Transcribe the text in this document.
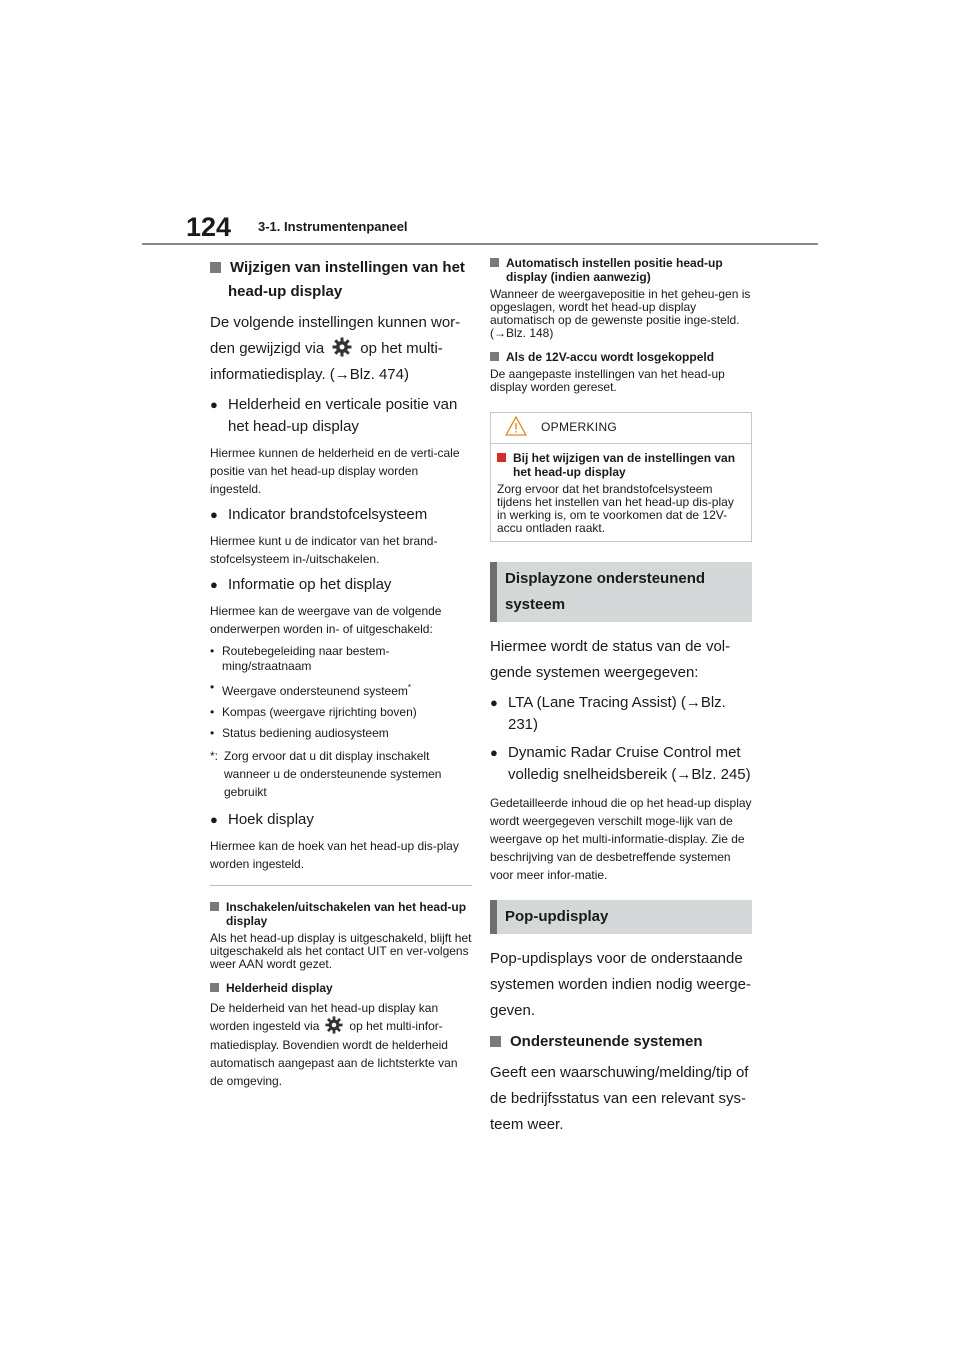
124 3-1. Instrumentenpaneel
Wijzigen van instellingen van het head-up display

De volgende instellingen kunnen wor-den gewijzigd via op het multi-informatiedisplay. (→Blz. 474)

● Helderheid en verticale positie van het head-up display

Hiermee kunnen de helderheid en de verti-cale positie van het head-up display worden ingesteld.

● Indicator brandstofcelsysteem

Hiermee kunt u de indicator van het brand-stofcelsysteem in-/uitschakelen.

● Informatie op het display

Hiermee kan de weergave van de volgende onderwerpen worden in- of uitgeschakeld:

• Routebegeleiding naar bestem-ming/straatnaam
• Weergave ondersteunend systeem*
• Kompas (weergave rijrichting boven)
• Status bediening audiosysteem
*: Zorg ervoor dat u dit display inschakelt wanneer u de ondersteunende systemen gebruikt
● Hoek display

Hiermee kan de hoek van het head-up dis-play worden ingesteld.

Inschakelen/uitschakelen van het head-up display

Als het head-up display is uitgeschakeld, blijft het uitgeschakeld als het contact UIT en ver-volgens weer AAN wordt gezet.

Helderheid display

De helderheid van het head-up display kan worden ingesteld via	op het multi-infor-matiedisplay. Bovendien wordt de helderheid automatisch aangepast aan de lichtsterkte van de omgeving.

Automatisch instellen positie head-up display (indien aanwezig)

Wanneer de weergavepositie in het geheu-gen is opgeslagen, wordt het head-up display automatisch op de gewenste positie inge-steld. (→Blz. 148)

Als de 12V-accu wordt losgekoppeld

De aangepaste instellingen van het head-up display worden gereset.

OPMERKING
Bij het wijzigen van de instellingen van het head-up display

Zorg ervoor dat het brandstofcelsysteem tijdens het instellen van het head-up dis-play in werking is, om te voorkomen dat de 12V-accu ontladen raakt.

Displayzone ondersteunend systeem

Hiermee wordt de status van de vol-gende systemen weergegeven:

● LTA (Lane Tracing Assist) (→Blz. 231)
● Dynamic Radar Cruise Control met volledig snelheidsbereik (→Blz. 245)

Gedetailleerde inhoud die op het head-up display wordt weergegeven verschilt moge-lijk van de weergave op het multi-informatie-display. Zie de beschrijving van de desbetreffende systemen voor meer infor-matie.

Pop-updisplay

Pop-updisplays voor de onderstaande systemen worden indien nodig weerge-geven.

Ondersteunende systemen

Geeft een waarschuwing/melding/tip of de bedrijfsstatus van een relevant sys-teem weer.
